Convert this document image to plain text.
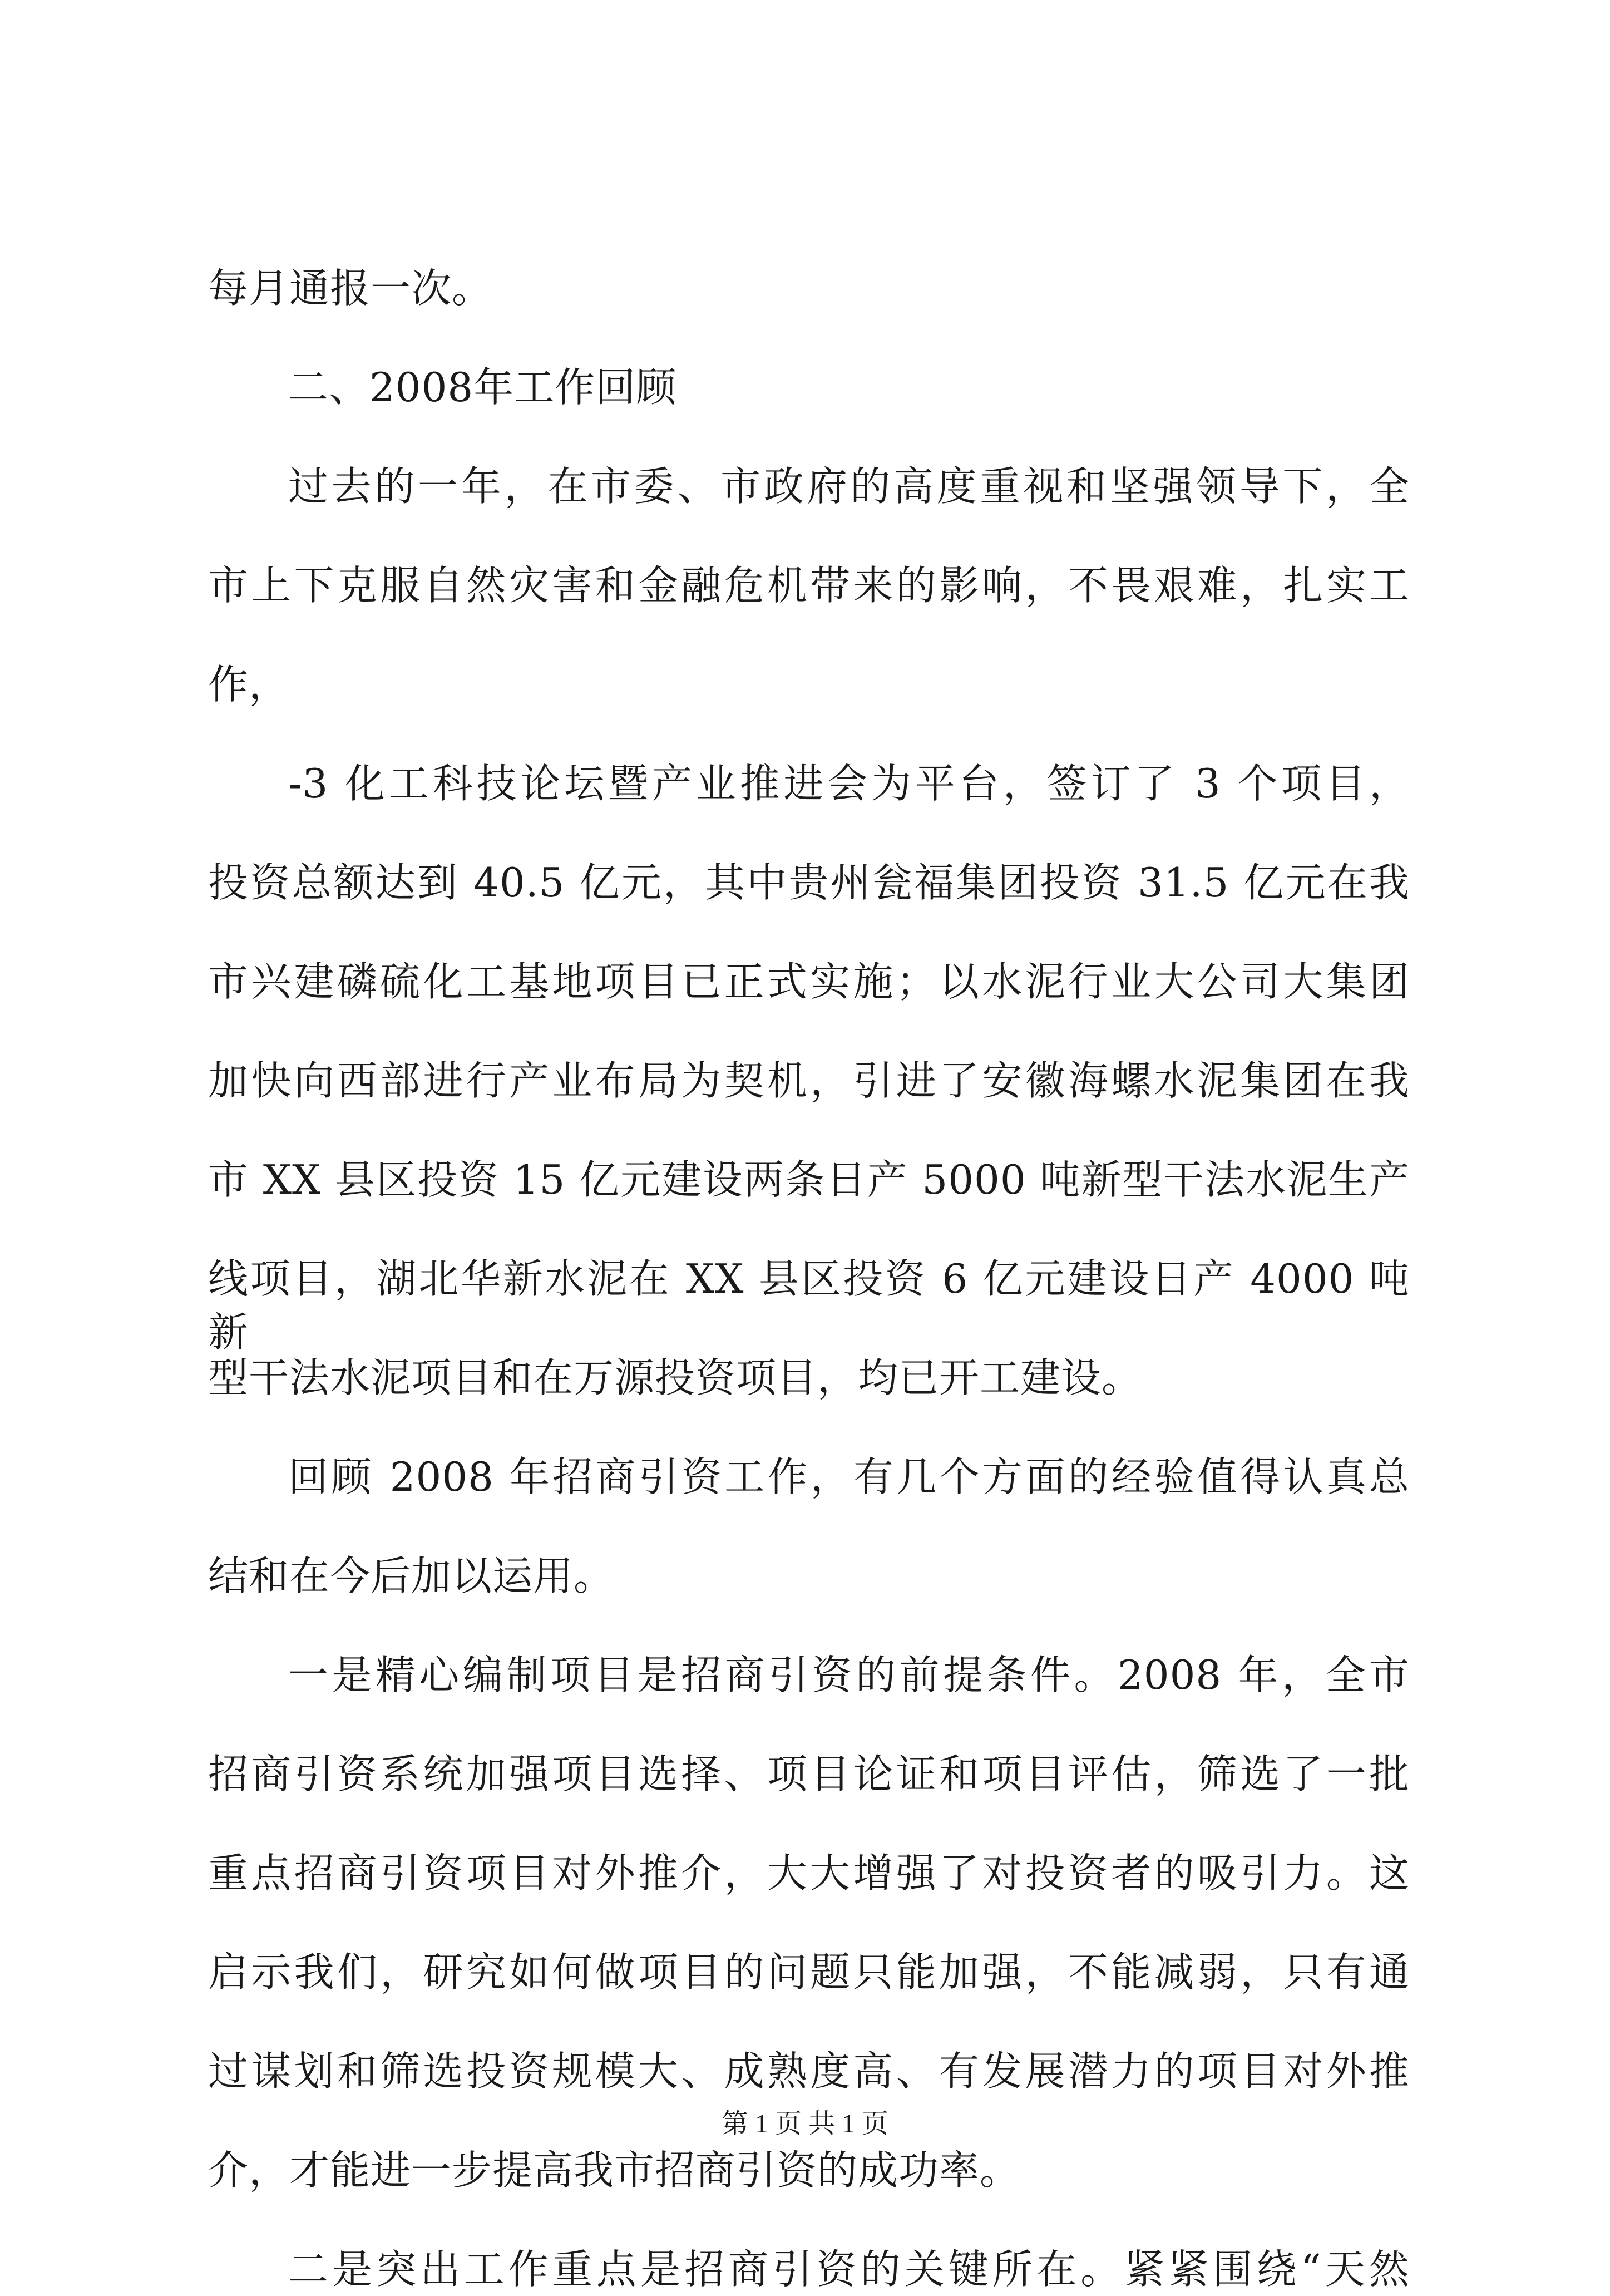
每月通报一次。

二、2008年工作回顾

过去的一年，在市委、市政府的高度重视和坚强领导下，全

市上下克服自然灾害和金融危机带来的影响，不畏艰难，扎实工

作，

-3 化工科技论坛暨产业推进会为平台，签订了 3 个项目，

投资总额达到 40.5 亿元，其中贵州瓮福集团投资 31.5 亿元在我

市兴建磷硫化工基地项目已正式实施；以水泥行业大公司大集团

加快向西部进行产业布局为契机，引进了安徽海螺水泥集团在我

市 XX 县区投资 15 亿元建设两条日产 5000 吨新型干法水泥生产

线项目，湖北华新水泥在 XX 县区投资 6 亿元建设日产 4000 吨新

型干法水泥项目和在万源投资项目，均已开工建设。

回顾 2008 年招商引资工作，有几个方面的经验值得认真总

结和在今后加以运用。

一是精心编制项目是招商引资的前提条件。2008 年，全市

招商引资系统加强项目选择、项目论证和项目评估，筛选了一批

重点招商引资项目对外推介，大大增强了对投资者的吸引力。这

启示我们，研究如何做项目的问题只能加强，不能减弱，只有通

过谋划和筛选投资规模大、成熟度高、有发展潜力的项目对外推

介，才能进一步提高我市招商引资的成功率。

二是突出工作重点是招商引资的关键所在。紧紧围绕“天然

第 1 页 共 1 页
